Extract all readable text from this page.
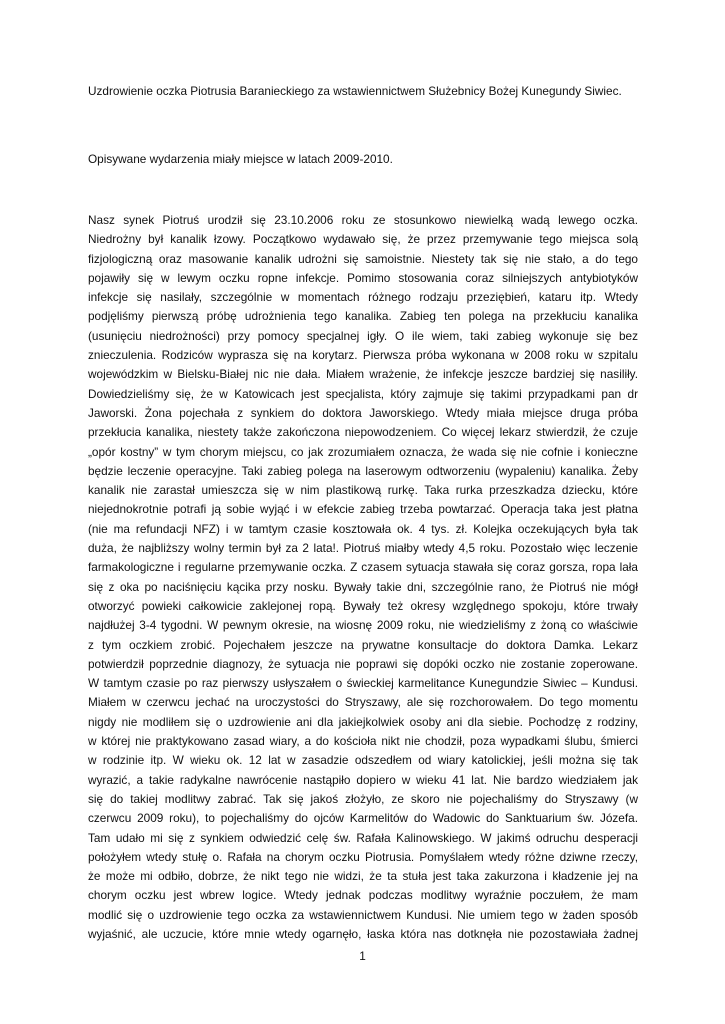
Uzdrowienie oczka Piotrusia Baranieckiego za wstawiennictwem Służebnicy Bożej Kunegundy Siwiec.
Opisywane wydarzenia miały miejsce w latach 2009-2010.
Nasz synek Piotruś urodził się 23.10.2006 roku ze stosunkowo niewielką wadą lewego oczka.
Niedrożny był kanalik łzowy. Początkowo wydawało się, że przez przemywanie tego miejsca solą
fizjologiczną oraz masowanie kanalik udrożni się samoistnie. Niestety tak się nie stało, a do tego
pojawiły się w lewym oczku ropne infekcje. Pomimo stosowania coraz silniejszych antybiotyków
infekcje się nasilały, szczególnie w momentach różnego rodzaju przeziębień, kataru itp. Wtedy
podjęliśmy pierwszą próbę udrożnienia tego kanalika. Zabieg ten polega na przekłuciu kanalika
(usunięciu niedrożności) przy pomocy specjalnej igły. O ile wiem, taki zabieg wykonuje się bez
znieczulenia. Rodziców wyprasza się na korytarz. Pierwsza próba wykonana w 2008 roku w szpitalu
wojewódzkim w Bielsku-Białej nic nie dała. Miałem wrażenie, że infekcje jeszcze bardziej się nasiliły.
Dowiedzieliśmy się, że w Katowicach jest specjalista, który zajmuje się takimi przypadkami pan dr
Jaworski. Żona pojechała z synkiem do doktora Jaworskiego. Wtedy miała miejsce druga próba
przekłucia kanalika, niestety także zakończona niepowodzeniem. Co więcej lekarz stwierdził, że czuje
„opór kostny” w tym chorym miejscu, co jak zrozumiałem oznacza, że wada się nie cofnie i konieczne
będzie leczenie operacyjne. Taki zabieg polega na laserowym odtworzeniu (wypaleniu) kanalika. Żeby
kanalik nie zarastał umieszcza się w nim plastikową rurkę. Taka rurka przeszkadza dziecku, które
niejednokrotnie potrafi ją sobie wyjąć i w efekcie zabieg trzeba powtarzać. Operacja taka jest płatna
(nie ma refundacji NFZ) i w tamtym czasie kosztowała ok. 4 tys. zł. Kolejka oczekujących była tak
duża, że najbliższy wolny termin był za 2 lata!. Piotruś miałby wtedy 4,5 roku. Pozostało więc leczenie
farmakologiczne i regularne przemywanie oczka. Z czasem sytuacja stawała się coraz gorsza, ropa lała
się z oka po naciśnięciu kącika przy nosku. Bywały takie dni, szczególnie rano, że Piotruś nie mógł
otworzyć powieki całkowicie zaklejonej ropą. Bywały też okresy względnego spokoju, które trwały
najdłużej 3-4 tygodni. W pewnym okresie, na wiosnę 2009 roku, nie wiedzieliśmy z żoną co właściwie
z tym oczkiem zrobić. Pojechałem jeszcze na prywatne konsultacje do doktora Damka. Lekarz
potwierdził poprzednie diagnozy, że sytuacja nie poprawi się dopóki oczko nie zostanie zoperowane.
W tamtym czasie po raz pierwszy usłyszałem o świeckiej karmelitance Kunegundzie Siwiec – Kundusi.
Miałem w czerwcu jechać na uroczystości do Stryszawy, ale się rozchorowałem. Do tego momentu
nigdy nie modliłem się o uzdrowienie ani dla jakiejkolwiek osoby ani dla siebie. Pochodzę z rodziny,
w której nie praktykowano zasad wiary, a do kościoła nikt nie chodził, poza wypadkami ślubu, śmierci
w rodzinie itp. W wieku ok. 12 lat w zasadzie odszedłem od wiary katolickiej, jeśli można się tak
wyrazić, a takie radykalne nawrócenie nastąpiło dopiero w wieku 41 lat. Nie bardzo wiedziałem jak
się do takiej modlitwy zabrać. Tak się jakoś złożyło, ze skoro nie pojechaliśmy do Stryszawy (w
czerwcu 2009 roku), to pojechaliśmy do ojców Karmelitów do Wadowic do Sanktuarium św. Józefa.
Tam udało mi się z synkiem odwiedzić celę św. Rafała Kalinowskiego. W jakimś odruchu desperacji
położyłem wtedy stułę o. Rafała na chorym oczku Piotrusia. Pomyślałem wtedy różne dziwne rzeczy,
że może mi odbiło, dobrze, że nikt tego nie widzi, że ta stuła jest taka zakurzona i kładzenie jej na
chorym oczku jest wbrew logice. Wtedy jednak podczas modlitwy wyraźnie poczułem, że mam
modlić się o uzdrowienie tego oczka za wstawiennictwem Kundusi. Nie umiem tego w żaden sposób
wyjaśnić, ale uczucie, które mnie wtedy ogarnęło, łaska która nas dotknęła nie pozostawiała żadnej
1
